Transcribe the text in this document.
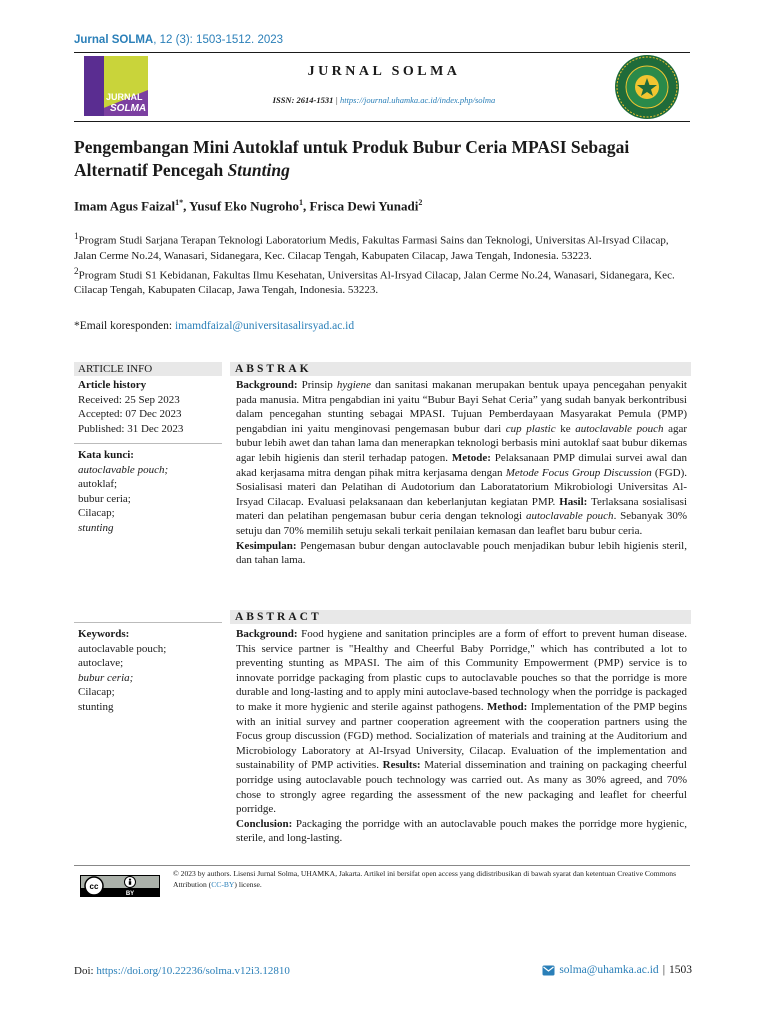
Jurnal SOLMA, 12 (3): 1503-1512. 2023
JURNAL
SOLMA
JURNAL SOLMA
ISSN: 2614-1531 | https://journal.uhamka.ac.id/index.php/solma
Pengembangan Mini Autoklaf untuk Produk Bubur Ceria MPASI Sebagai Alternatif Pencegah Stunting
Imam Agus Faizal$^{1*}$, Yusuf Eko Nugroho$^1$, Frisca Dewi Yunadi$^2$

$^1$Program Studi Sarjana Terapan Teknologi Laboratorium Medis, Fakultas Farmasi Sains dan Teknologi, Universitas Al-Irsyad Cilacap, Jalan Cerme No.24, Wanasari, Sidanegara, Kec. Cilacap Tengah, Kabupaten Cilacap, Jawa Tengah, Indonesia. 53223.

$^2$Program Studi S1 Kebidanan, Fakultas Ilmu Kesehatan, Universitas Al-Irsyad Cilacap, Jalan Cerme No.24, Wanasari, Sidanegara, Kec. Cilacap Tengah, Kabupaten Cilacap, Jawa Tengah, Indonesia. 53223.

*Email koresponden: imamdfaizal@universitasalirsyad.ac.id
ARTICLE INFO
Article history
Received: 25 Sep 2023
Accepted: 07 Dec 2023
Published: 31 Dec 2023
Kata kunci:
autoclavable pouch;
autoklaf;
bubur ceria;
Cilacap;
stunting
Keywords:
autoclavable pouch;
autoclave;
bubur ceria;
Cilacap;
stunting
ABSTRAK
Background: Prinsip hygiene dan sanitasi makanan merupakan bentuk upaya pencegahan penyakit pada manusia. Mitra pengabdian ini yaitu “Bubur Bayi Sehat Ceria” yang sudah banyak berkontribusi dalam pencegahan stunting sebagai MPASI. Tujuan Pemberdayaan Masyarakat Pemula (PMP) pengabdian ini yaitu menginovasi pengemasan bubur dari cup plastic ke autoclavable pouch agar bubur lebih awet dan tahan lama dan menerapkan teknologi berbasis mini autoklaf saat bubur dikemas agar lebih higienis dan steril terhadap patogen. Metode: Pelaksanaan PMP dimulai survei awal dan akad kerjasama mitra dengan pihak mitra kerjasama dengan Metode Focus Group Discussion (FGD). Sosialisasi materi dan Pelatihan di Audotorium dan Laboratatorium Mikrobiologi Universitas Al-Irsyad Cilacap. Evaluasi pelaksanaan dan keberlanjutan kegiatan PMP. Hasil: Terlaksana sosialisasi materi dan pelatihan pengemasan bubur ceria dengan teknologi autoclavable pouch. Sebanyak 30% setuju dan 70% memilih setuju sekali terkait penilaian kemasan dan leaflet baru bubur ceria.
Kesimpulan: Pengemasan bubur dengan autoclavable pouch menjadikan bubur lebih higienis steril, dan tahan lama.
ABSTRACT
Background: Food hygiene and sanitation principles are a form of effort to prevent human disease. This service partner is "Healthy and Cheerful Baby Porridge," which has contributed a lot to preventing stunting as MPASI. The aim of this Community Empowerment (PMP) service is to innovate porridge packaging from plastic cups to autoclavable pouches so that the porridge is more durable and long-lasting and to apply mini autoclave-based technology when the porridge is packaged to make it more hygienic and sterile against pathogens. Method: Implementation of the PMP begins with an initial survey and partner cooperation agreement with the cooperation partners using the Focus group discussion (FGD) method. Socialization of materials and training at the Auditorium and Microbiology Laboratory at Al-Irsyad University, Cilacap. Evaluation of the implementation and sustainability of PMP activities. Results: Material dissemination and training on packaging cheerful porridge using autoclavable pouch technology was carried out. As many as 30% agreed, and 70% chose to strongly agree regarding the assessment of the new packaging and leaflet for cheerful porridge.
Conclusion: Packaging the porridge with an autoclavable pouch makes the porridge more hygienic, sterile, and long-lasting.
cc
BY
© 2023 by authors. Lisensi Jurnal Solma, UHAMKA, Jakarta. Artikel ini bersifat open access yang didistribusikan di bawah syarat dan ketentuan Creative Commons Attribution (CC-BY) license.
Doi: https://doi.org/10.22236/solma.v12i3.12810	solma@uhamka.ac.id | 1503
